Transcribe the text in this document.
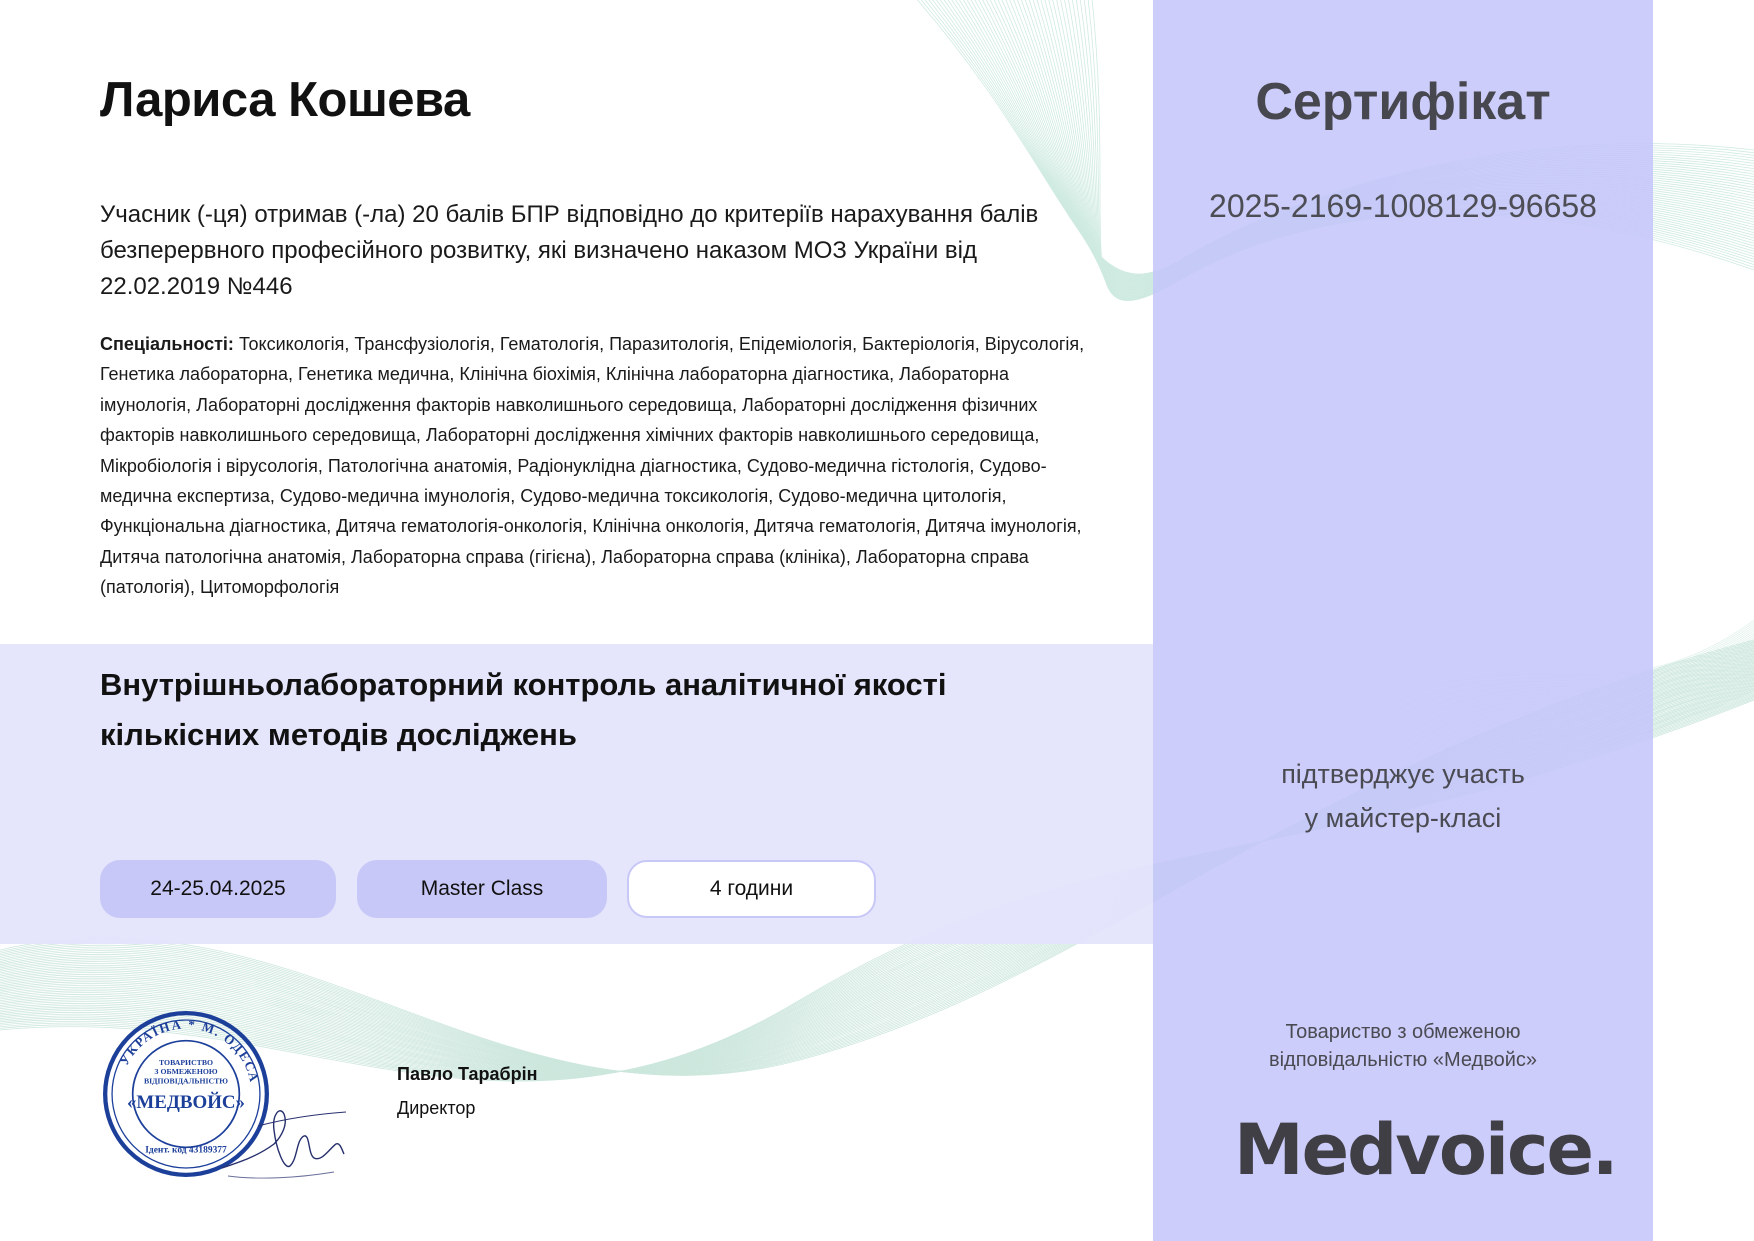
Лариса Кошева

Учасник (-ця) отримав (-ла) 20 балів БПР відповідно до критеріїв нарахування балів безперервного професійного розвитку, які визначено наказом МОЗ України від 22.02.2019 №446

Спеціальності: Токсикологія, Трансфузіологія, Гематологія, Паразитологія, Епідеміологія, Бактеріологія, Вірусологія, Генетика лабораторна, Генетика медична, Клінічна біохімія, Клінічна лабораторна діагностика, Лабораторна імунологія, Лабораторні дослідження факторів навколишнього середовища, Лабораторні дослідження фізичних факторів навколишнього середовища, Лабораторні дослідження хімічних факторів навколишнього середовища, Мікробіологія і вірусологія, Патологічна анатомія, Радіонуклідна діагностика, Судово-медична гістологія, Судово-медична експертиза, Судово-медична імунологія, Судово-медична токсикологія, Судово-медична цитологія, Функціональна діагностика, Дитяча гематологія-онкологія, Клінічна онкологія, Дитяча гематологія, Дитяча імунологія, Дитяча патологічна анатомія, Лабораторна справа (гігієна), Лабораторна справа (клініка), Лабораторна справа (патологія), Цитоморфологія

Внутрішньолабораторний контроль аналітичної якості
кількісних методів досліджень
24-25.04.2025	Master Class	4 години
УКРАЇНА * М. ОДЕСА
Ідент. код 43189377
ТОВАРИСТВО
З ОБМЕЖЕНОЮ
ВІДПОВІДАЛЬНІСТЮ
«МЕДВОЙС»
Павло Тарабрін
Директор
Сертифікат
2025-2169-1008129-96658
підтверджує участь
у майстер-класі
Товариство з обмеженою
відповідальністю «Медвойс»
Medvoice.
